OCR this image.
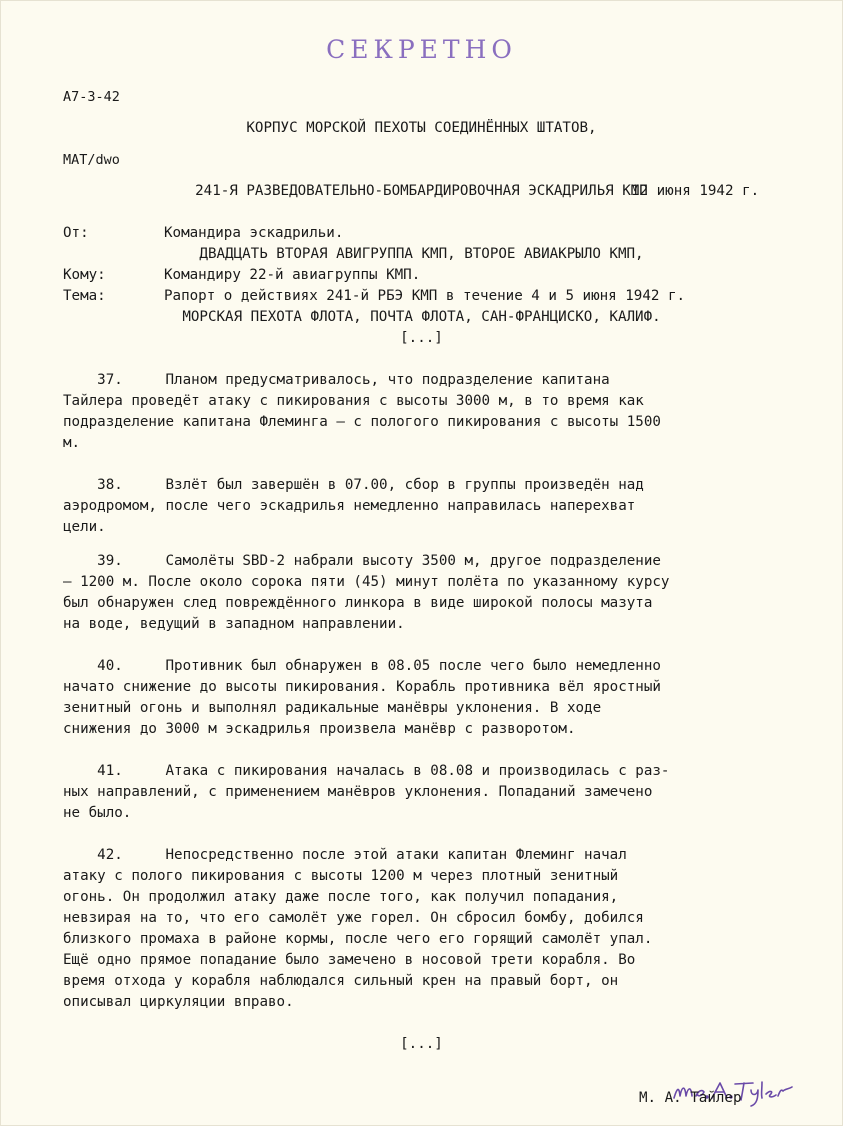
А7-3-42

MAT/dwo

СЕКРЕТНО

КОРПУС МОРСКОЙ ПЕХОТЫ СОЕДИНЁННЫХ ШТАТОВ,

241-Я РАЗВЕДОВАТЕЛЬНО-БОМБАРДИРОВОЧНАЯ ЭСКАДРИЛЬЯ КМП

ДВАДЦАТЬ ВТОРАЯ АВИГРУППА КМП, ВТОРОЕ АВИАКРЫЛО КМП,

МОРСКАЯ ПЕХОТА ФЛОТА, ПОЧТА ФЛОТА, САН-ФРАНЦИСКО, КАЛИФ.

12 июня 1942 г.
От:	Командира эскадрильи.
Кому:	Командиру 22-й авиагруппы КМП.
Тема:	Рапорт о действиях 241-й РБЭ КМП в течение 4 и 5 июня 1942 г.
[...]
37.     Планом предусматривалось, что подразделение капитана
Тайлера проведёт атаку с пикирования с высоты 3000 м, в то время как
подразделение капитана Флеминга – с пологого пикирования с высоты 1500
м.
38.     Взлёт был завершён в 07.00, сбор в группы произведён над
аэродромом, после чего эскадрилья немедленно направилась наперехват
цели.
39.     Самолёты SBD-2 набрали высоту 3500 м, другое подразделение
– 1200 м. После около сорока пяти (45) минут полёта по указанному курсу
был обнаружен след повреждённого линкора в виде широкой полосы мазута
на воде, ведущий в западном направлении.
40.     Противник был обнаружен в 08.05 после чего было немедленно
начато снижение до высоты пикирования. Корабль противника вёл яростный
зенитный огонь и выполнял радикальные манёвры уклонения. В ходе
снижения до 3000 м эскадрилья произвела манёвр с разворотом.
41.     Атака с пикирования началась в 08.08 и производилась с раз-
ных направлений, с применением манёвров уклонения. Попаданий замечено
не было.
42.     Непосредственно после этой атаки капитан Флеминг начал
атаку с полого пикирования с высоты 1200 м через плотный зенитный
огонь. Он продолжил атаку даже после того, как получил попадания,
невзирая на то, что его самолёт уже горел. Он сбросил бомбу, добился
близкого промаха в районе кормы, после чего его горящий самолёт упал.
Ещё одно прямое попадание было замечено в носовой трети корабля. Во
время отхода у корабля наблюдался сильный крен на правый борт, он
описывал циркуляции вправо.
[...]

М. А. Тайлер
